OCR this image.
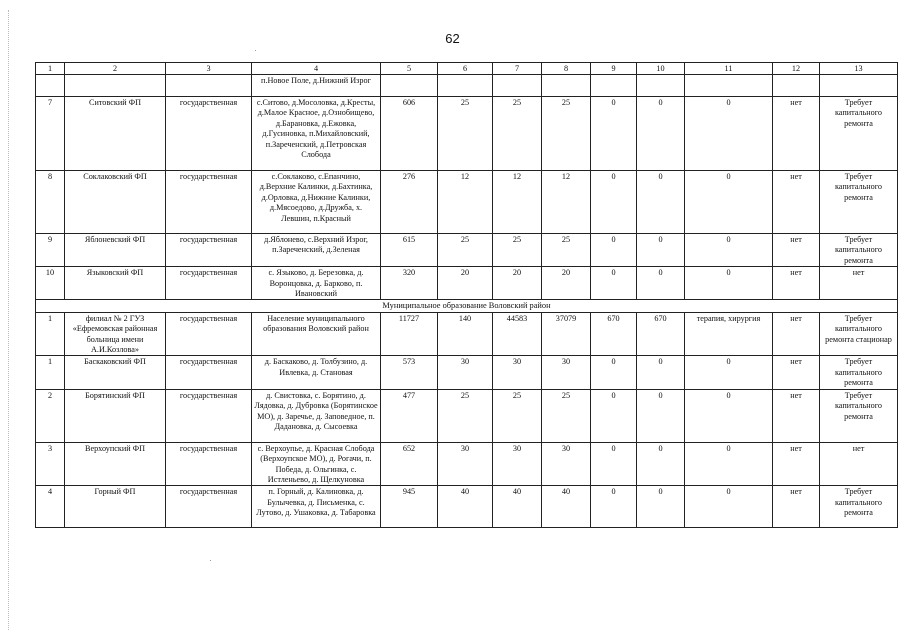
62
1	2	3	4	5	6	7	8	9	10	11	12	13
			п.Новое Поле, д.Нижний Изрог									
7	Ситовский ФП	государственная	с.Ситово, д.Мосоловка, д.Кресты, д.Малое Красное, д.Ознобищево, д.Барановка, д.Ежовка, д.Гусиновка, п.Михайловский, п.Зареченский, д.Петровская Слобода	606	25	25	25	0	0	0	нет	Требует капитального ремонта
8	Соклаковский ФП	государственная	с.Соклаково, с.Епанчино, д.Верхние Калинки, д.Бахтинка, д.Орловка, д.Нижние Калинки, д.Мясоедово, д.Дружба, х. Левшин, п.Красный	276	12	12	12	0	0	0	нет	Требует капитального ремонта
9	Яблоневский ФП	государственная	д.Яблонево, с.Верхний Изрог, п.Зареченский, д.Зеленая	615	25	25	25	0	0	0	нет	Требует капитального ремонта
10	Языковский ФП	государственная	с. Языково, д. Березовка, д. Воронцовка, д. Барково, п. Ивановский	320	20	20	20	0	0	0	нет	нет
Муниципальное образование Воловский район												
1	филиал № 2 ГУЗ «Ефремовская районная больница имени А.И.Козлова»	государственная	Население муниципального образования Воловский район	11727	140	44583	37079	670	670	терапия, хирургия	нет	Требует капитального ремонта стационар
1	Баскаковский ФП	государственная	д. Баскаково, д. Толбузино, д. Ивлевка, д. Становая	573	30	30	30	0	0	0	нет	Требует капитального ремонта
2	Борятинский ФП	государственная	д. Свистовка, с. Борятино, д. Лядовка, д. Дубровка (Борятинское МО), д. Заречье, д. Заповедное, п. Дадановка, д. Сысоевка	477	25	25	25	0	0	0	нет	Требует капитального ремонта
3	Верхоупский ФП	государственная	с. Верхоупье, д. Красная Слобода (Верхоупское МО), д. Рогачи, п. Победа, д. Ольгинка, с. Истленьево, д. Щелкуновка	652	30	30	30	0	0	0	нет	нет
4	Горный ФП	государственная	п. Горный, д. Калиновка, д. Булычевка, д. Письменка, с. Лутово, д. Ушаковка, д. Табаровка	945	40	40	40	0	0	0	нет	Требует капитального ремонта
